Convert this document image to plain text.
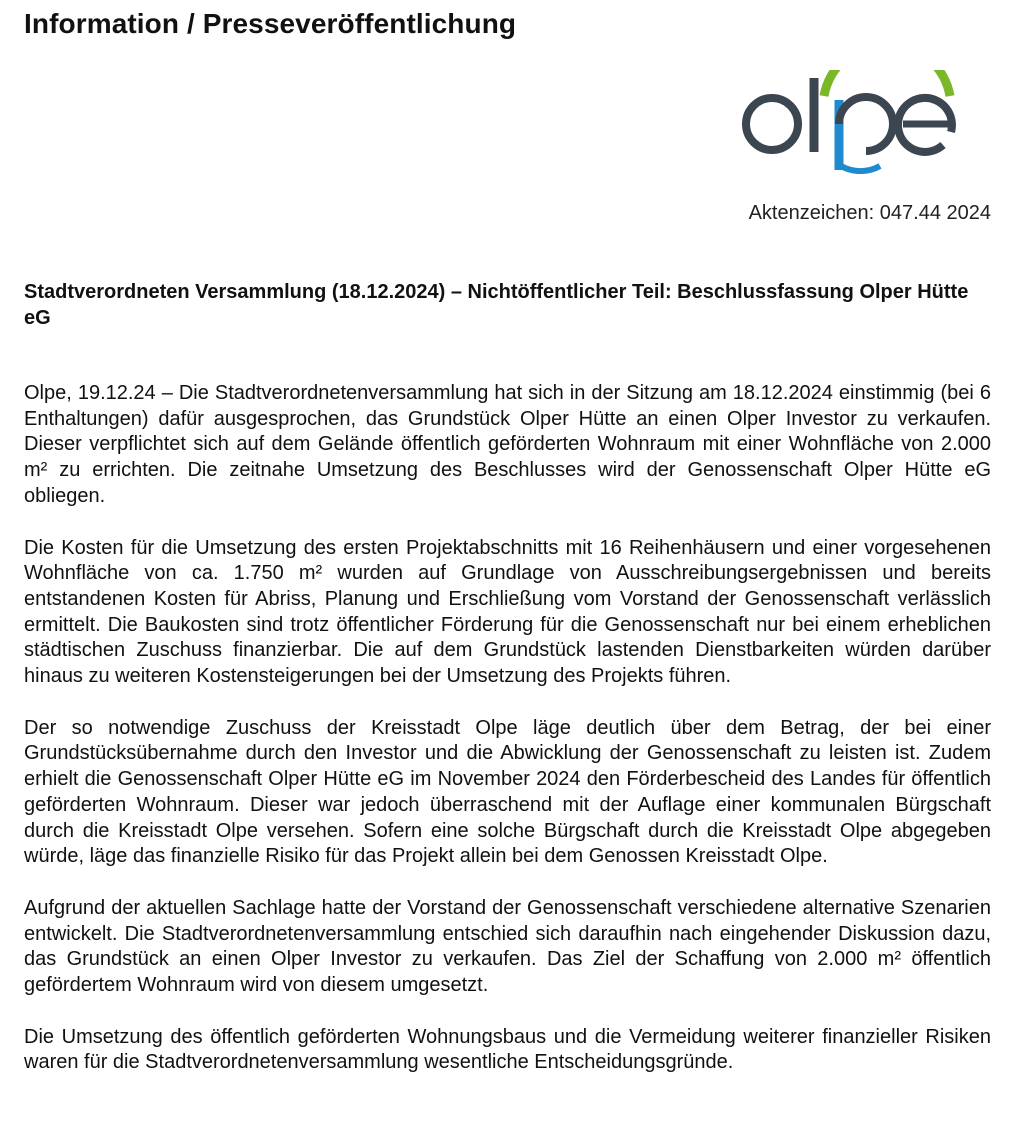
Information / Presseveröffentlichung
Aktenzeichen: 047.44 2024
Stadtverordneten Versammlung (18.12.2024) – Nichtöffentlicher Teil: Beschlussfassung Olper Hütte eG

Olpe, 19.12.24 – Die Stadtverordnetenversammlung hat sich in der Sitzung am 18.12.2024 einstimmig (bei 6 Enthaltungen) dafür ausgesprochen, das Grundstück Olper Hütte an einen Olper Investor zu verkaufen. Dieser verpflichtet sich auf dem Gelände öffentlich geförderten Wohnraum mit einer Wohnfläche von 2.000 m² zu errichten. Die zeitnahe Umsetzung des Beschlusses wird der Genossenschaft Olper Hütte eG obliegen.

Die Kosten für die Umsetzung des ersten Projektabschnitts mit 16 Reihenhäusern und einer vorgesehenen Wohnfläche von ca. 1.750 m² wurden auf Grundlage von Ausschreibungsergebnissen und bereits entstandenen Kosten für Abriss, Planung und Erschließung vom Vorstand der Genossenschaft verlässlich ermittelt. Die Baukosten sind trotz öffentlicher Förderung für die Genossenschaft nur bei einem erheblichen städtischen Zuschuss finanzierbar. Die auf dem Grundstück lastenden Dienstbarkeiten würden darüber hinaus zu weiteren Kostensteigerungen bei der Umsetzung des Projekts führen.

Der so notwendige Zuschuss der Kreisstadt Olpe läge deutlich über dem Betrag, der bei einer Grundstücksübernahme durch den Investor und die Abwicklung der Genossenschaft zu leisten ist. Zudem erhielt die Genossenschaft Olper Hütte eG im November 2024 den Förderbescheid des Landes für öffentlich geförderten Wohnraum. Dieser war jedoch überraschend mit der Auflage einer kommunalen Bürgschaft durch die Kreisstadt Olpe versehen. Sofern eine solche Bürgschaft durch die Kreisstadt Olpe abgegeben würde, läge das finanzielle Risiko für das Projekt allein bei dem Genossen Kreisstadt Olpe.

Aufgrund der aktuellen Sachlage hatte der Vorstand der Genossenschaft verschiedene alternative Szenarien entwickelt. Die Stadtverordnetenversammlung entschied sich daraufhin nach eingehender Diskussion dazu, das Grundstück an einen Olper Investor zu verkaufen. Das Ziel der Schaffung von 2.000 m² öffentlich gefördertem Wohnraum wird von diesem umgesetzt.

Die Umsetzung des öffentlich geförderten Wohnungsbaus und die Vermeidung weiterer finanzieller Risiken waren für die Stadtverordnetenversammlung wesentliche Entscheidungsgründe.
